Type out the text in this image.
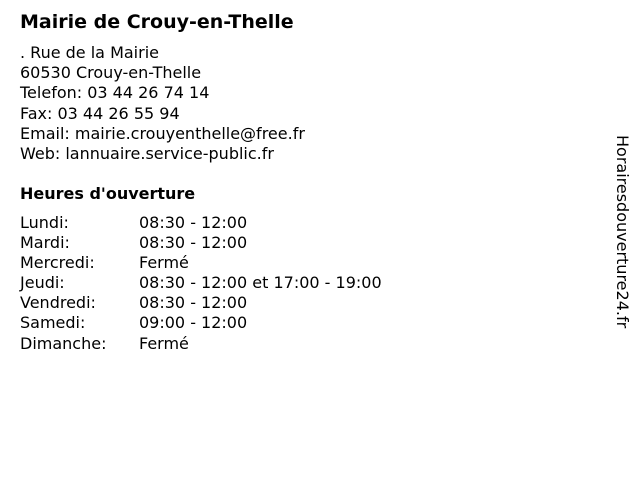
Mairie de Crouy-en-Thelle
. Rue de la Mairie
60530 Crouy-en-Thelle
Telefon: 03 44 26 74 14
Fax: 03 44 26 55 94
Email: mairie.crouyenthelle@free.fr
Web: lannuaire.service-public.fr
Heures d'ouverture
Lundi:	08:30 - 12:00
Mardi:	08:30 - 12:00
Mercredi:	Fermé
Jeudi:	08:30 - 12:00 et 17:00 - 19:00
Vendredi:	08:30 - 12:00
Samedi:	09:00 - 12:00
Dimanche: Fermé
Horairesdouverture24.fr
